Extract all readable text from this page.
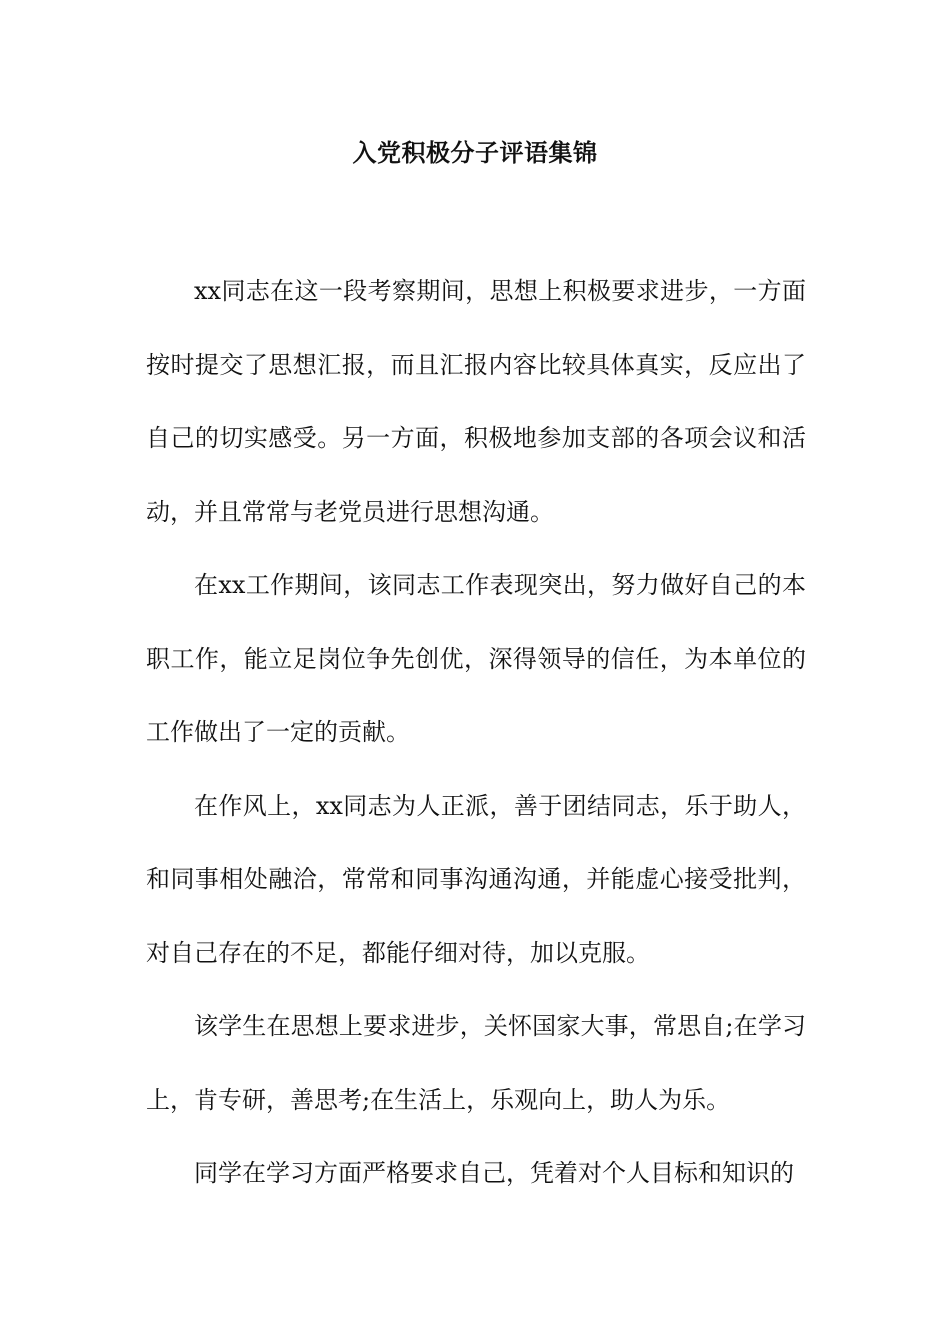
入党积极分子评语集锦

xx同志在这一段考察期间，思想上积极要求进步，一方面按时提交了思想汇报，而且汇报内容比较具体真实，反应出了自己的切实感受。另一方面，积极地参加支部的各项会议和活动，并且常常与老党员进行思想沟通。

在xx工作期间，该同志工作表现突出，努力做好自己的本职工作，能立足岗位争先创优，深得领导的信任，为本单位的工作做出了一定的贡献。

在作风上，xx同志为人正派，善于团结同志，乐于助人，和同事相处融洽，常常和同事沟通沟通，并能虚心接受批判，对自己存在的不足，都能仔细对待，加以克服。

该学生在思想上要求进步，关怀国家大事，常思自;在学习上，肯专研，善思考;在生活上，乐观向上，助人为乐。

同学在学习方面严格要求自己，凭着对个人目标和知识的
